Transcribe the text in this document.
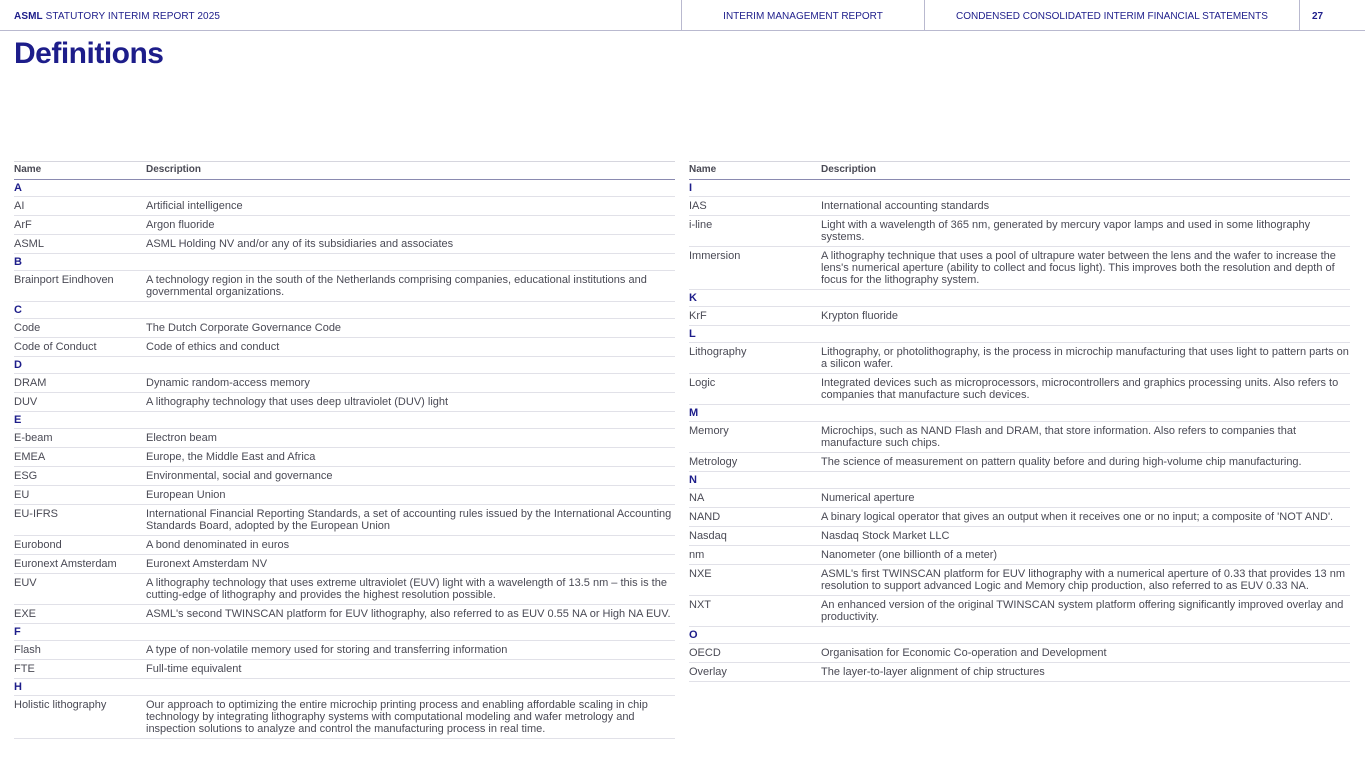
ASML STATUTORY INTERIM REPORT 2025	INTERIM MANAGEMENT REPORT	CONDENSED CONSOLIDATED INTERIM FINANCIAL STATEMENTS	27
Definitions
Name	Description
A	
AI	Artificial intelligence
ArF	Argon fluoride
ASML	ASML Holding NV and/or any of its subsidiaries and associates
B	
Brainport Eindhoven	A technology region in the south of the Netherlands comprising companies, educational institutions and governmental organizations.
C	
Code	The Dutch Corporate Governance Code
Code of Conduct	Code of ethics and conduct
D	
DRAM	Dynamic random-access memory
DUV	A lithography technology that uses deep ultraviolet (DUV) light
E	
E-beam	Electron beam
EMEA	Europe, the Middle East and Africa
ESG	Environmental, social and governance
EU	European Union
EU-IFRS	International Financial Reporting Standards, a set of accounting rules issued by the International Accounting Standards Board, adopted by the European Union
Eurobond	A bond denominated in euros
Euronext Amsterdam	Euronext Amsterdam NV
EUV	A lithography technology that uses extreme ultraviolet (EUV) light with a wavelength of 13.5 nm – this is the cutting-edge of lithography and provides the highest resolution possible.
EXE	ASML's second TWINSCAN platform for EUV lithography, also referred to as EUV 0.55 NA or High NA EUV.
F	
Flash	A type of non-volatile memory used for storing and transferring information
FTE	Full-time equivalent
H	
Holistic lithography	Our approach to optimizing the entire microchip printing process and enabling affordable scaling in chip technology by integrating lithography systems with computational modeling and wafer metrology and inspection solutions to analyze and control the manufacturing process in real time.
Name	Description
I	
IAS	International accounting standards
i-line	Light with a wavelength of 365 nm, generated by mercury vapor lamps and used in some lithography systems.
Immersion	A lithography technique that uses a pool of ultrapure water between the lens and the wafer to increase the lens's numerical aperture (ability to collect and focus light). This improves both the resolution and depth of focus for the lithography system.
K	
KrF	Krypton fluoride
L	
Lithography	Lithography, or photolithography, is the process in microchip manufacturing that uses light to pattern parts on a silicon wafer.
Logic	Integrated devices such as microprocessors, microcontrollers and graphics processing units. Also refers to companies that manufacture such devices.
M	
Memory	Microchips, such as NAND Flash and DRAM, that store information. Also refers to companies that manufacture such chips.
Metrology	The science of measurement on pattern quality before and during high-volume chip manufacturing.
N	
NA	Numerical aperture
NAND	A binary logical operator that gives an output when it receives one or no input; a composite of 'NOT AND'.
Nasdaq	Nasdaq Stock Market LLC
nm	Nanometer (one billionth of a meter)
NXE	ASML's first TWINSCAN platform for EUV lithography with a numerical aperture of 0.33 that provides 13 nm resolution to support advanced Logic and Memory chip production, also referred to as EUV 0.33 NA.
NXT	An enhanced version of the original TWINSCAN system platform offering significantly improved overlay and productivity.
O	
OECD	Organisation for Economic Co-operation and Development
Overlay	The layer-to-layer alignment of chip structures
